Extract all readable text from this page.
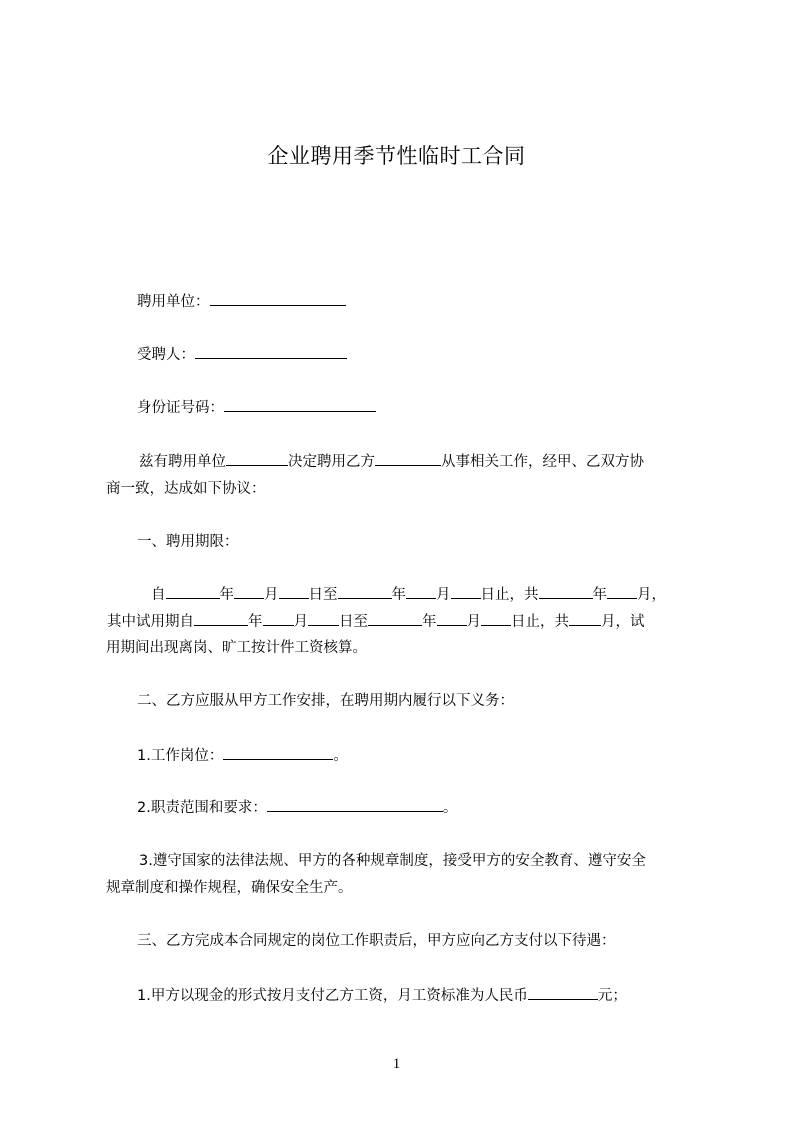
企业聘用季节性临时工合同
聘用单位：
受聘人：
身份证号码：
兹有聘用单位	决定聘用乙方	从事相关工作，经甲、乙双方协
商一致，达成如下协议：
一、聘用期限：
自	年 月 日至	年 月 日止，共	年 月，
其中试用期自	年 月 日至	年 月 日止，共 月，试
用期间出现离岗、旷工按计件工资核算。
二、乙方应服从甲方工作安排，在聘用期内履行以下义务：
1.工作岗位：	。
2.职责范围和要求：	。
3.遵守国家的法律法规、甲方的各种规章制度，接受甲方的安全教育、遵守安全
规章制度和操作规程，确保安全生产。
三、乙方完成本合同规定的岗位工作职责后，甲方应向乙方支付以下待遇：
1.甲方以现金的形式按月支付乙方工资，月工资标准为人民币	元；
1
